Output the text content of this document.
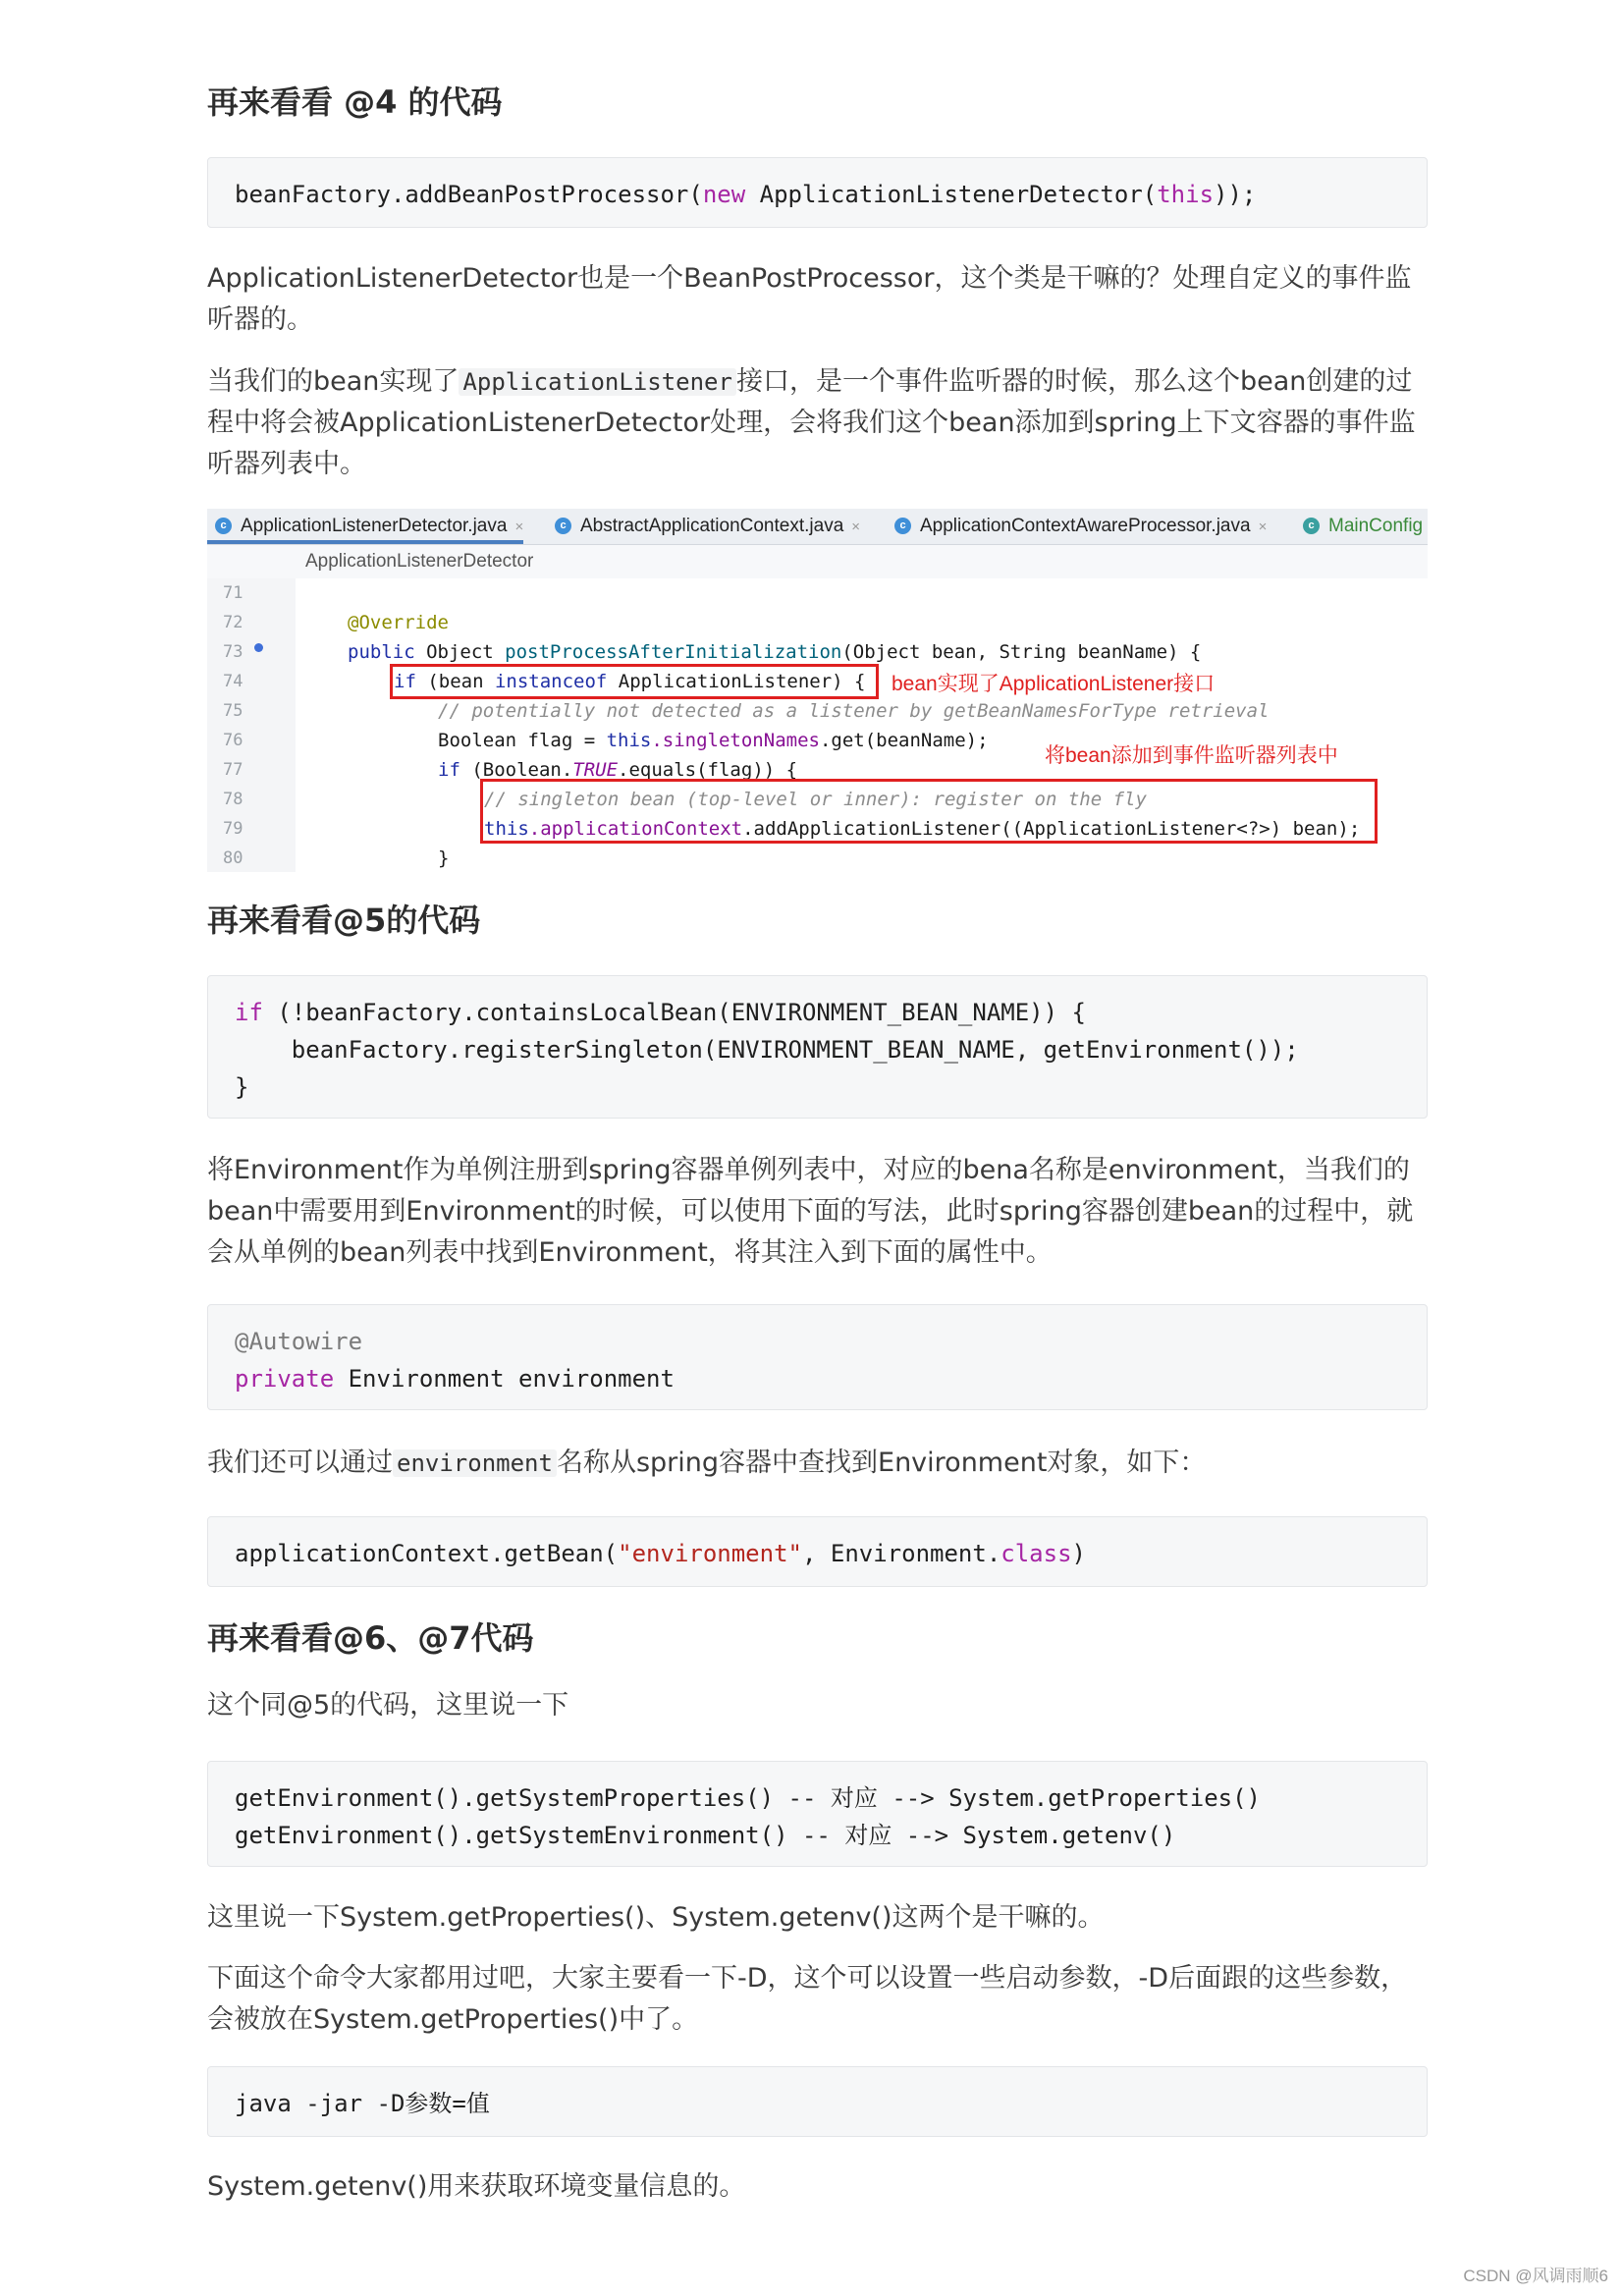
再来看看 @4 的代码
beanFactory.addBeanPostProcessor(new ApplicationListenerDetector(this));

ApplicationListenerDetector也是一个BeanPostProcessor，这个类是干嘛的？处理自定义的事件监听器的。

当我们的bean实现了 ApplicationListener 接口，是一个事件监听器的时候，那么这个bean创建的过程中将会被ApplicationListenerDetector处理，会将我们这个bean添加到spring上下文容器的事件监听器列表中。

c ApplicationListenerDetector.java ×	c AbstractApplicationContext.java ×	c ApplicationContextAwareProcessor.java ×	c MainConfig
ApplicationListenerDetector
71
72
73
74
75
76
77
78
79
80
@Override
public Object postProcessAfterInitialization(Object bean, String beanName) {
if (bean instanceof ApplicationListener) {
// potentially not detected as a listener by getBeanNamesForType retrieval
Boolean flag = this.singletonNames.get(beanName);
if (Boolean.TRUE.equals(flag)) {
// singleton bean (top-level or inner): register on the fly
this.applicationContext.addApplicationListener((ApplicationListener<?>) bean);
}
bean实现了ApplicationListener接口
将bean添加到事件监听器列表中
再来看看@5的代码
if (!beanFactory.containsLocalBean(ENVIRONMENT_BEAN_NAME)) {
beanFactory.registerSingleton(ENVIRONMENT_BEAN_NAME, getEnvironment());
}

将Environment作为单例注册到spring容器单例列表中，对应的bena名称是environment，当我们的bean中需要用到Environment的时候，可以使用下面的写法，此时spring容器创建bean的过程中，就会从单例的bean列表中找到Environment，将其注入到下面的属性中。

@Autowire
private Environment environment

我们还可以通过 environment 名称从spring容器中查找到Environment对象，如下：

applicationContext.getBean("environment", Environment.class)
再来看看@6、@7代码

这个同@5的代码，这里说一下

getEnvironment().getSystemProperties() -- 对应 --> System.getProperties()
getEnvironment().getSystemEnvironment() -- 对应 --> System.getenv()

这里说一下System.getProperties()、System.getenv()这两个是干嘛的。

下面这个命令大家都用过吧，大家主要看一下-D，这个可以设置一些启动参数，-D后面跟的这些参数，会被放在System.getProperties()中了。

java -jar -D参数=值

System.getenv()用来获取环境变量信息的。

CSDN @风调雨顺6
